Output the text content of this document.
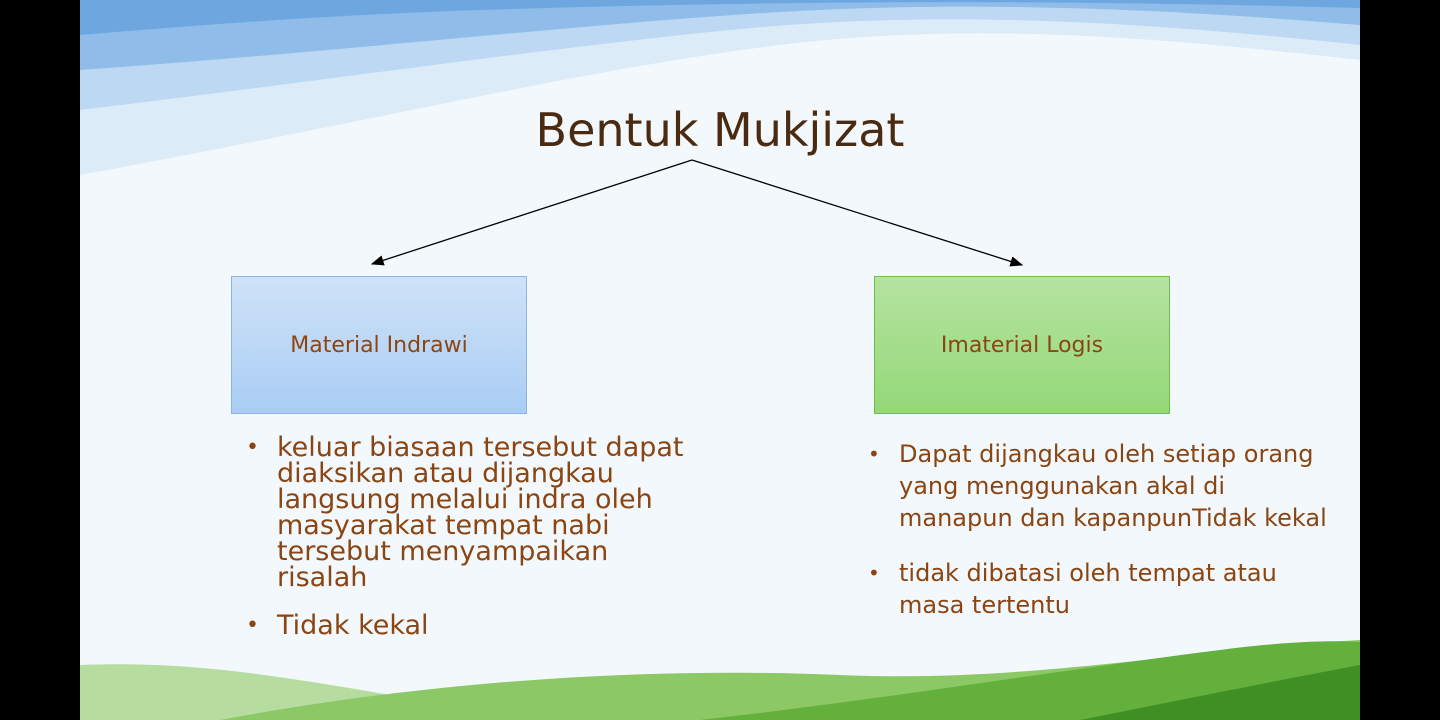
Bentuk Mukjizat
Material Indrawi	Imaterial Logis
• keluar biasaan tersebut dapat diaksikan atau dijangkau langsung melalui indra oleh masyarakat tempat nabi tersebut menyampaikan risalah
• Tidak kekal
• Dapat dijangkau oleh setiap orang yang menggunakan akal di manapun dan kapanpunTidak kekal
• tidak dibatasi oleh tempat atau masa tertentu
